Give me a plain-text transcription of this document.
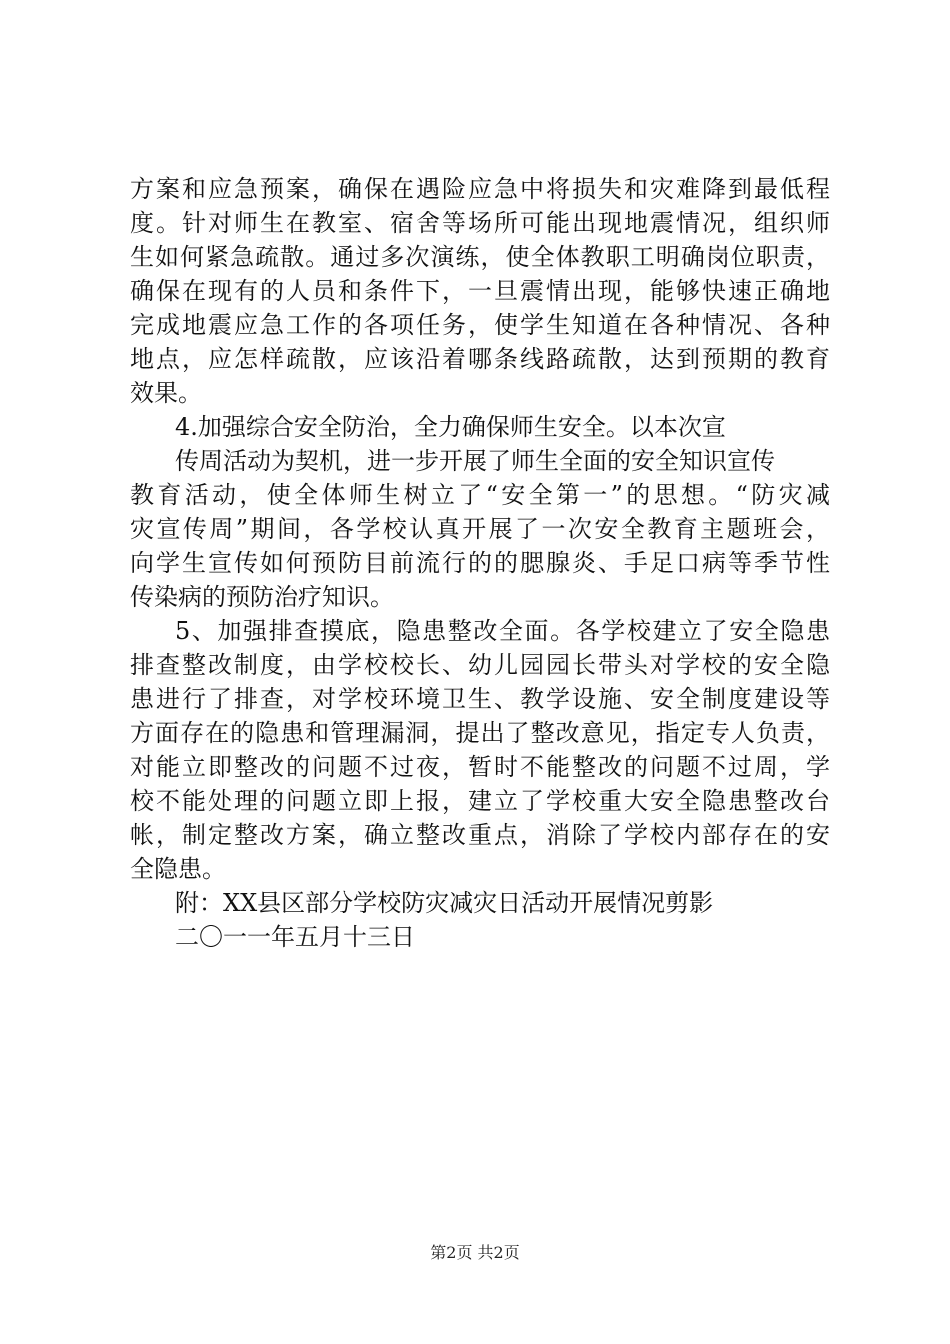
方案和应急预案，确保在遇险应急中将损失和灾难降到最低程
度。针对师生在教室、宿舍等场所可能出现地震情况，组织师
生如何紧急疏散。通过多次演练，使全体教职工明确岗位职责，
确保在现有的人员和条件下，一旦震情出现，能够快速正确地
完成地震应急工作的各项任务，使学生知道在各种情况、各种
地点，应怎样疏散，应该沿着哪条线路疏散，达到预期的教育
效果。
4.加强综合安全防治，全力确保师生安全。以本次宣
传周活动为契机，进一步开展了师生全面的安全知识宣传
教育活动，使全体师生树立了“安全第一”的思想。“防灾减
灾宣传周”期间，各学校认真开展了一次安全教育主题班会，
向学生宣传如何预防目前流行的的腮腺炎、手足口病等季节性
传染病的预防治疗知识。
5、加强排查摸底，隐患整改全面。各学校建立了安全隐患
排查整改制度，由学校校长、幼儿园园长带头对学校的安全隐
患进行了排查，对学校环境卫生、教学设施、安全制度建设等
方面存在的隐患和管理漏洞，提出了整改意见，指定专人负责，
对能立即整改的问题不过夜，暂时不能整改的问题不过周，学
校不能处理的问题立即上报，建立了学校重大安全隐患整改台
帐，制定整改方案，确立整改重点，消除了学校内部存在的安
全隐患。
附：XX县区部分学校防灾减灾日活动开展情况剪影
二〇一一年五月十三日
第2页 共2页
